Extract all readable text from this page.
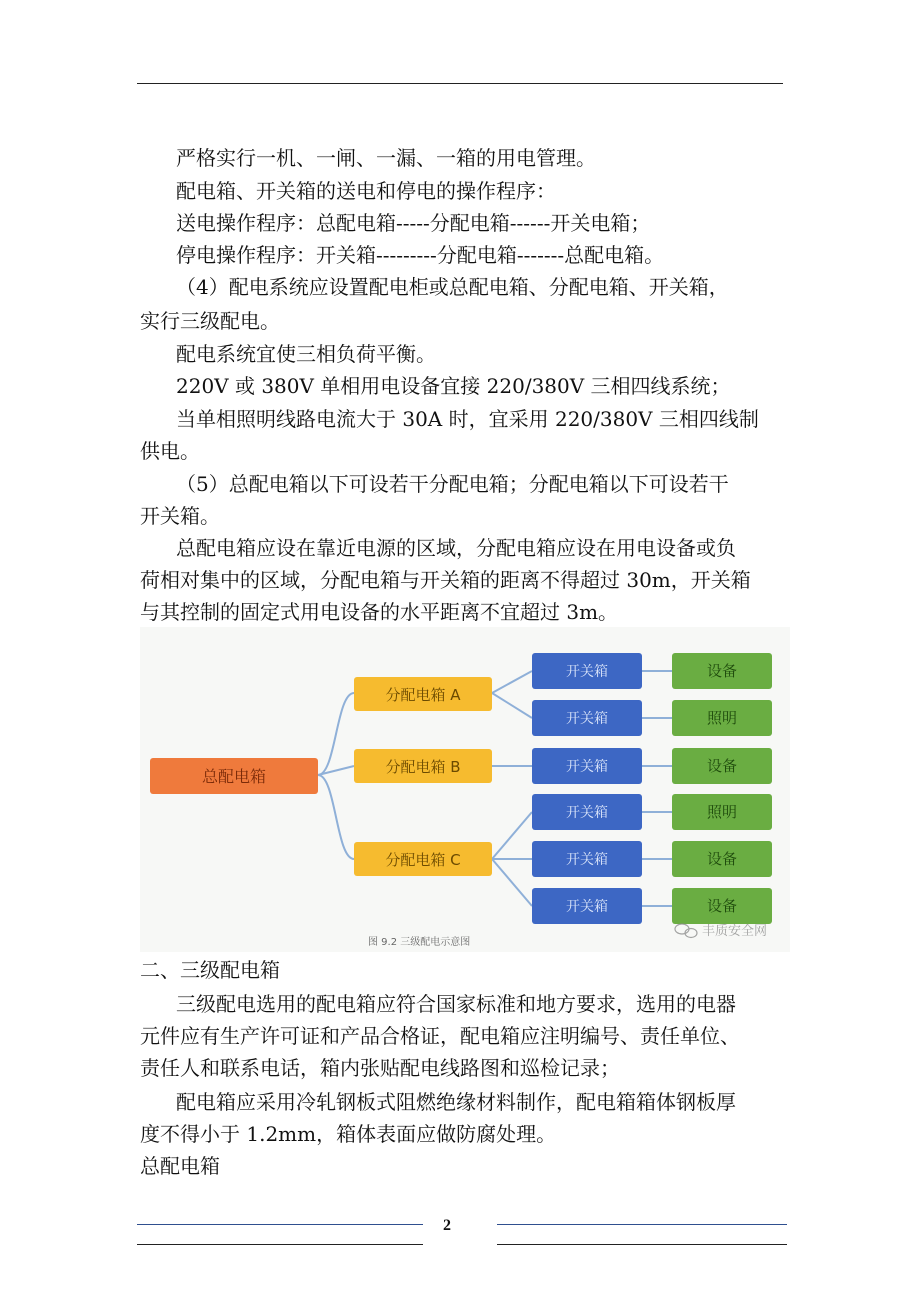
严格实行一机、一闸、一漏、一箱的用电管理。

配电箱、开关箱的送电和停电的操作程序：

送电操作程序：总配电箱-----分配电箱------开关电箱；

停电操作程序：开关箱---------分配电箱-------总配电箱。

（4）配电系统应设置配电柜或总配电箱、分配电箱、开关箱，

实行三级配电。

配电系统宜使三相负荷平衡。

220V 或 380V 单相用电设备宜接 220/380V 三相四线系统；

当单相照明线路电流大于 30A 时，宜采用 220/380V 三相四线制

供电。

（5）总配电箱以下可设若干分配电箱；分配电箱以下可设若干

开关箱。

总配电箱应设在靠近电源的区域，分配电箱应设在用电设备或负

荷相对集中的区域，分配电箱与开关箱的距离不得超过 30m，开关箱

与其控制的固定式用电设备的水平距离不宜超过 3m。

总配电箱
分配电箱 A
分配电箱 B
分配电箱 C
开关箱
开关箱
开关箱
开关箱
开关箱
开关箱
设备
照明
设备
照明
设备
设备
图 9.2 三级配电示意图
丰质安全网

二、三级配电箱

三级配电选用的配电箱应符合国家标准和地方要求，选用的电器

元件应有生产许可证和产品合格证，配电箱应注明编号、责任单位、

责任人和联系电话，箱内张贴配电线路图和巡检记录；

配电箱应采用冷轧钢板式阻燃绝缘材料制作，配电箱箱体钢板厚

度不得小于 1.2mm，箱体表面应做防腐处理。

总配电箱

2
